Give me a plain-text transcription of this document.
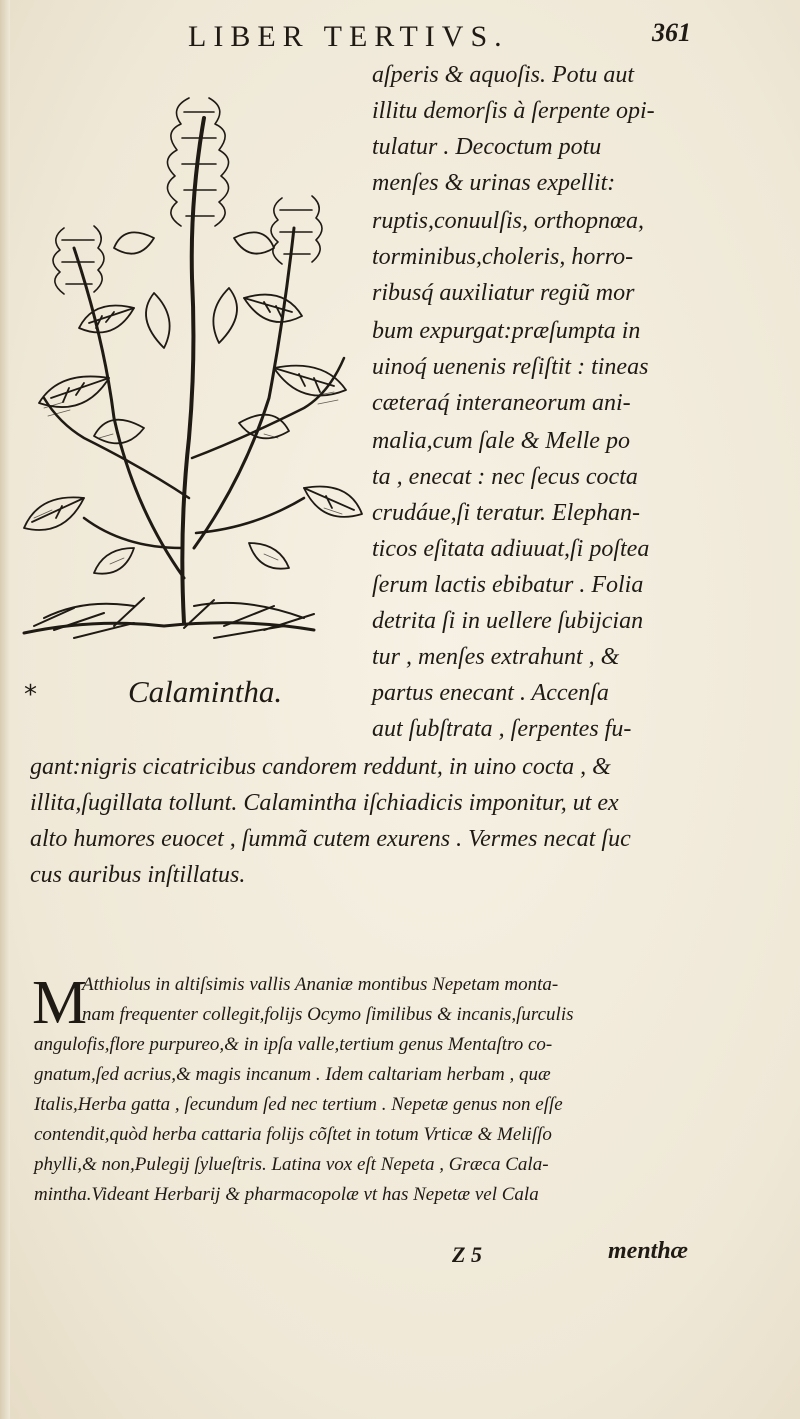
LIBER TERTIVS.	361
*	Calamintha.
aſperis & aquoſis. Potu aut
illitu demorſis à ſerpente opi-
tulatur . Decoctum potu
menſes & urinas expellit:
ruptis,conuulſis, orthopnœa,
torminibus,choleris, horro-
ribusq́ auxiliatur regiũ mor
bum expurgat:præſumpta in
uinoq́ uenenis reſiſtit : tineas
cæteraq́ interaneorum ani-
malia,cum ſale & Melle po
ta , enecat : nec ſecus cocta
crudáue,ſi teratur. Elephan-
ticos eſitata adiuuat,ſi poſtea
ſerum lactis ebibatur . Folia
detrita ſi in uellere ſubijcian
tur , menſes extrahunt , &
partus enecant . Accenſa
aut ſubſtrata , ſerpentes fu-
gant:nigris cicatricibus candorem reddunt, in uino cocta , &
illita,ſugillata tollunt. Calamintha iſchiadicis imponitur, ut ex
alto humores euocet , ſummã cutem exurens . Vermes necat ſuc
cus auribus inſtillatus.
M
Atthiolus in altiſsimis vallis Ananiæ montibus Nepetam monta-
nam frequenter collegit,folijs Ocymo ſimilibus & incanis,ſurculis
angulofis,flore purpureo,& in ipſa valle,tertium genus Mentaſtro co-
gnatum,ſed acrius,& magis incanum . Idem caltariam herbam , quæ
Italis,Herba gatta , ſecundum ſed nec tertium . Nepetæ genus non eſſe
contendit,quòd herba cattaria folijs cõſtet in totum Vrticæ & Meliſſo
phylli,& non,Pulegij ſylueſtris. Latina vox eſt Nepeta , Græca Cala-
mintha.Videant Herbarij & pharmacopolæ vt has Nepetæ vel Cala
Z 5	menthæ
